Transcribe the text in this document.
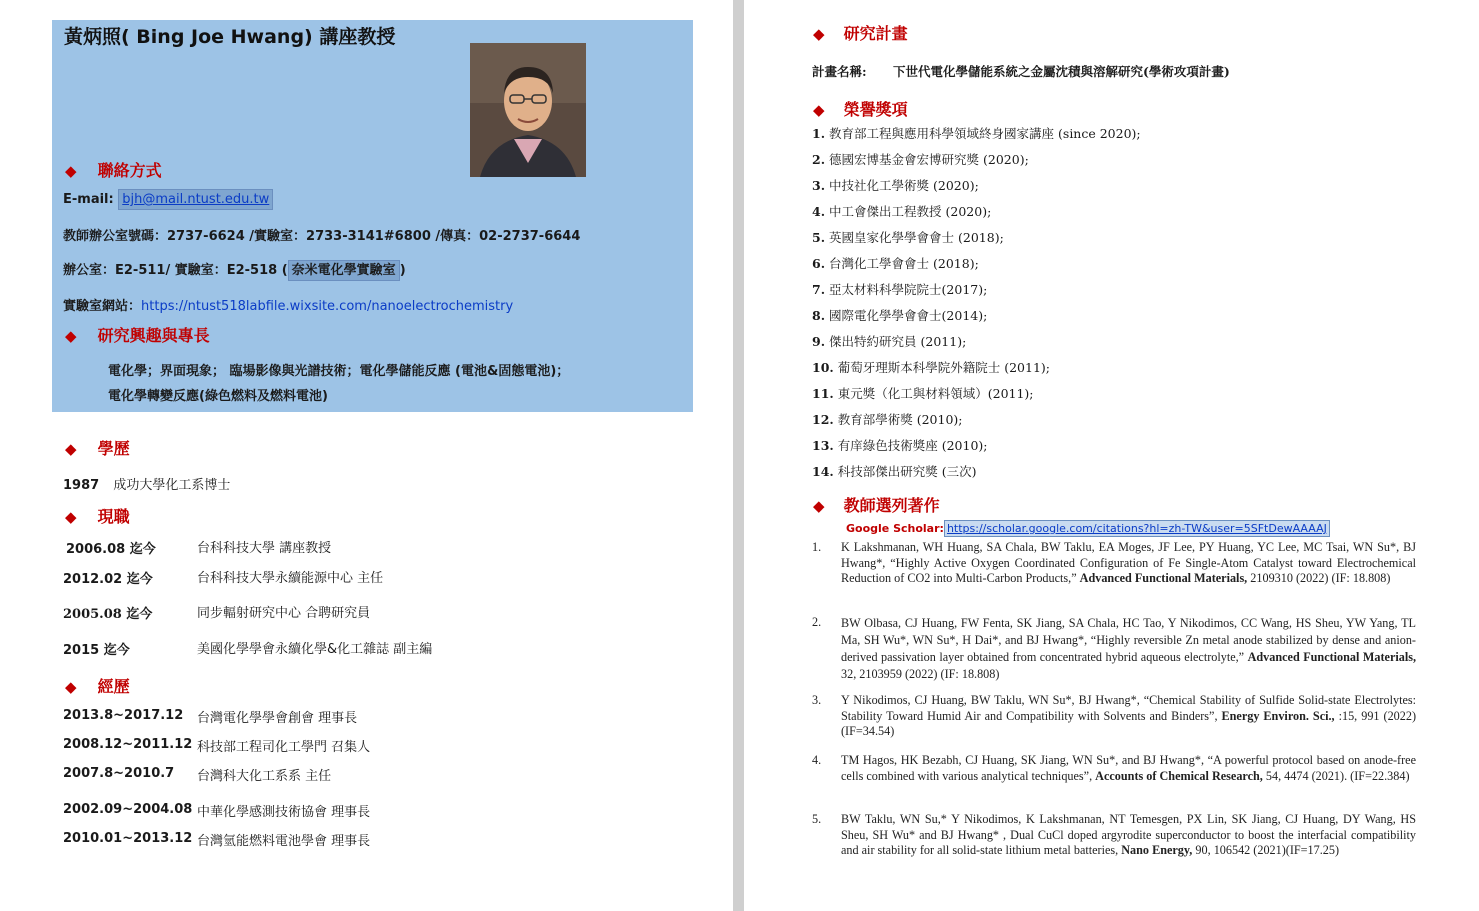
黃炳照( Bing Joe Hwang) 講座教授
◆ 聯絡方式
E-mail: bjh@mail.ntust.edu.tw
教師辦公室號碼：2737-6624 /實驗室：2733-3141#6800 /傳真：02-2737-6644
辦公室：E2-511/ 實驗室：E2-518 ( 奈米電化學實驗室 )
實驗室網站：https://ntust518labfile.wixsite.com/nanoelectrochemistry
◆ 研究興趣與專長
電化學；界面現象； 臨場影像與光譜技術；電化學儲能反應 (電池&固態電池)；
電化學轉變反應(綠色燃料及燃料電池)
◆ 學歷
1987 成功大學化工系博士
◆ 現職
2006.08 迄今	台科科技大學 講座教授
2012.02 迄今	台科科技大學永續能源中心 主任
2005.08 迄今	同步輻射研究中心 合聘研究員
2015 迄今	美國化學學會永續化學&化工雜誌 副主編
◆ 經歷
2013.8~2017.12 台灣電化學學會創會 理事長
2008.12~2011.12 科技部工程司化工學門 召集人
2007.8~2010.7 台灣科大化工系系 主任
2002.09~2004.08 中華化學感測技術協會 理事長
2010.01~2013.12 台灣氫能燃料電池學會 理事長
◆ 研究計畫
計畫名稱: 下世代電化學儲能系統之金屬沈積與溶解研究(學術攻項計畫)
◆ 榮譽獎項
1. 教育部工程與應用科學領域終身國家講座 (since 2020);
2. 德國宏博基金會宏博研究獎 (2020);
3. 中技社化工學術獎 (2020);
4. 中工會傑出工程教授 (2020);
5. 英國皇家化學學會會士 (2018);
6. 台灣化工學會會士 (2018);
7. 亞太材料科學院院士(2017);
8. 國際電化學學會會士(2014);
9. 傑出特約研究員 (2011);
10. 葡萄牙理斯本科學院外籍院士 (2011);
11. 東元獎（化工與材料領域）(2011);
12. 教育部學術獎 (2010);
13. 有庠綠色技術獎座 (2010);
14. 科技部傑出研究獎 (三次)
◆ 教師選列著作
Google Scholar: https://scholar.google.com/citations?hl=zh-TW&user=5SFtDewAAAAJ
1. K Lakshmanan, WH Huang, SA Chala, BW Taklu, EA Moges, JF Lee, PY Huang, YC Lee, MC Tsai, WN Su*, BJ Hwang*, “Highly Active Oxygen Coordinated Configuration of Fe Single-Atom Catalyst toward Electrochemical Reduction of CO2 into Multi-Carbon Products,” Advanced Functional Materials, 2109310 (2022) (IF: 18.808)
2. BW Olbasa, CJ Huang, FW Fenta, SK Jiang, SA Chala, HC Tao, Y Nikodimos, CC Wang, HS Sheu, YW Yang, TL Ma, SH Wu*, WN Su*, H Dai*, and BJ Hwang*, “Highly reversible Zn metal anode stabilized by dense and anion-derived passivation layer obtained from concentrated hybrid aqueous electrolyte,” Advanced Functional Materials, 32, 2103959 (2022) (IF: 18.808)
3. Y Nikodimos, CJ Huang, BW Taklu, WN Su*, BJ Hwang*, “Chemical Stability of Sulfide Solid-state Electrolytes: Stability Toward Humid Air and Compatibility with Solvents and Binders”, Energy Environ. Sci., :15, 991 (2022)(IF=34.54)
4. TM Hagos, HK Bezabh, CJ Huang, SK Jiang, WN Su*, and BJ Hwang*, “A powerful protocol based on anode-free cells combined with various analytical techniques”, Accounts of Chemical Research, 54, 4474 (2021). (IF=22.384)
5. BW Taklu, WN Su,* Y Nikodimos, K Lakshmanan, NT Temesgen, PX Lin, SK Jiang, CJ Huang, DY Wang, HS Sheu, SH Wu* and BJ Hwang* , Dual CuCl doped argyrodite superconductor to boost the interfacial compatibility and air stability for all solid-state lithium metal batteries, Nano Energy, 90, 106542 (2021)(IF=17.25)
